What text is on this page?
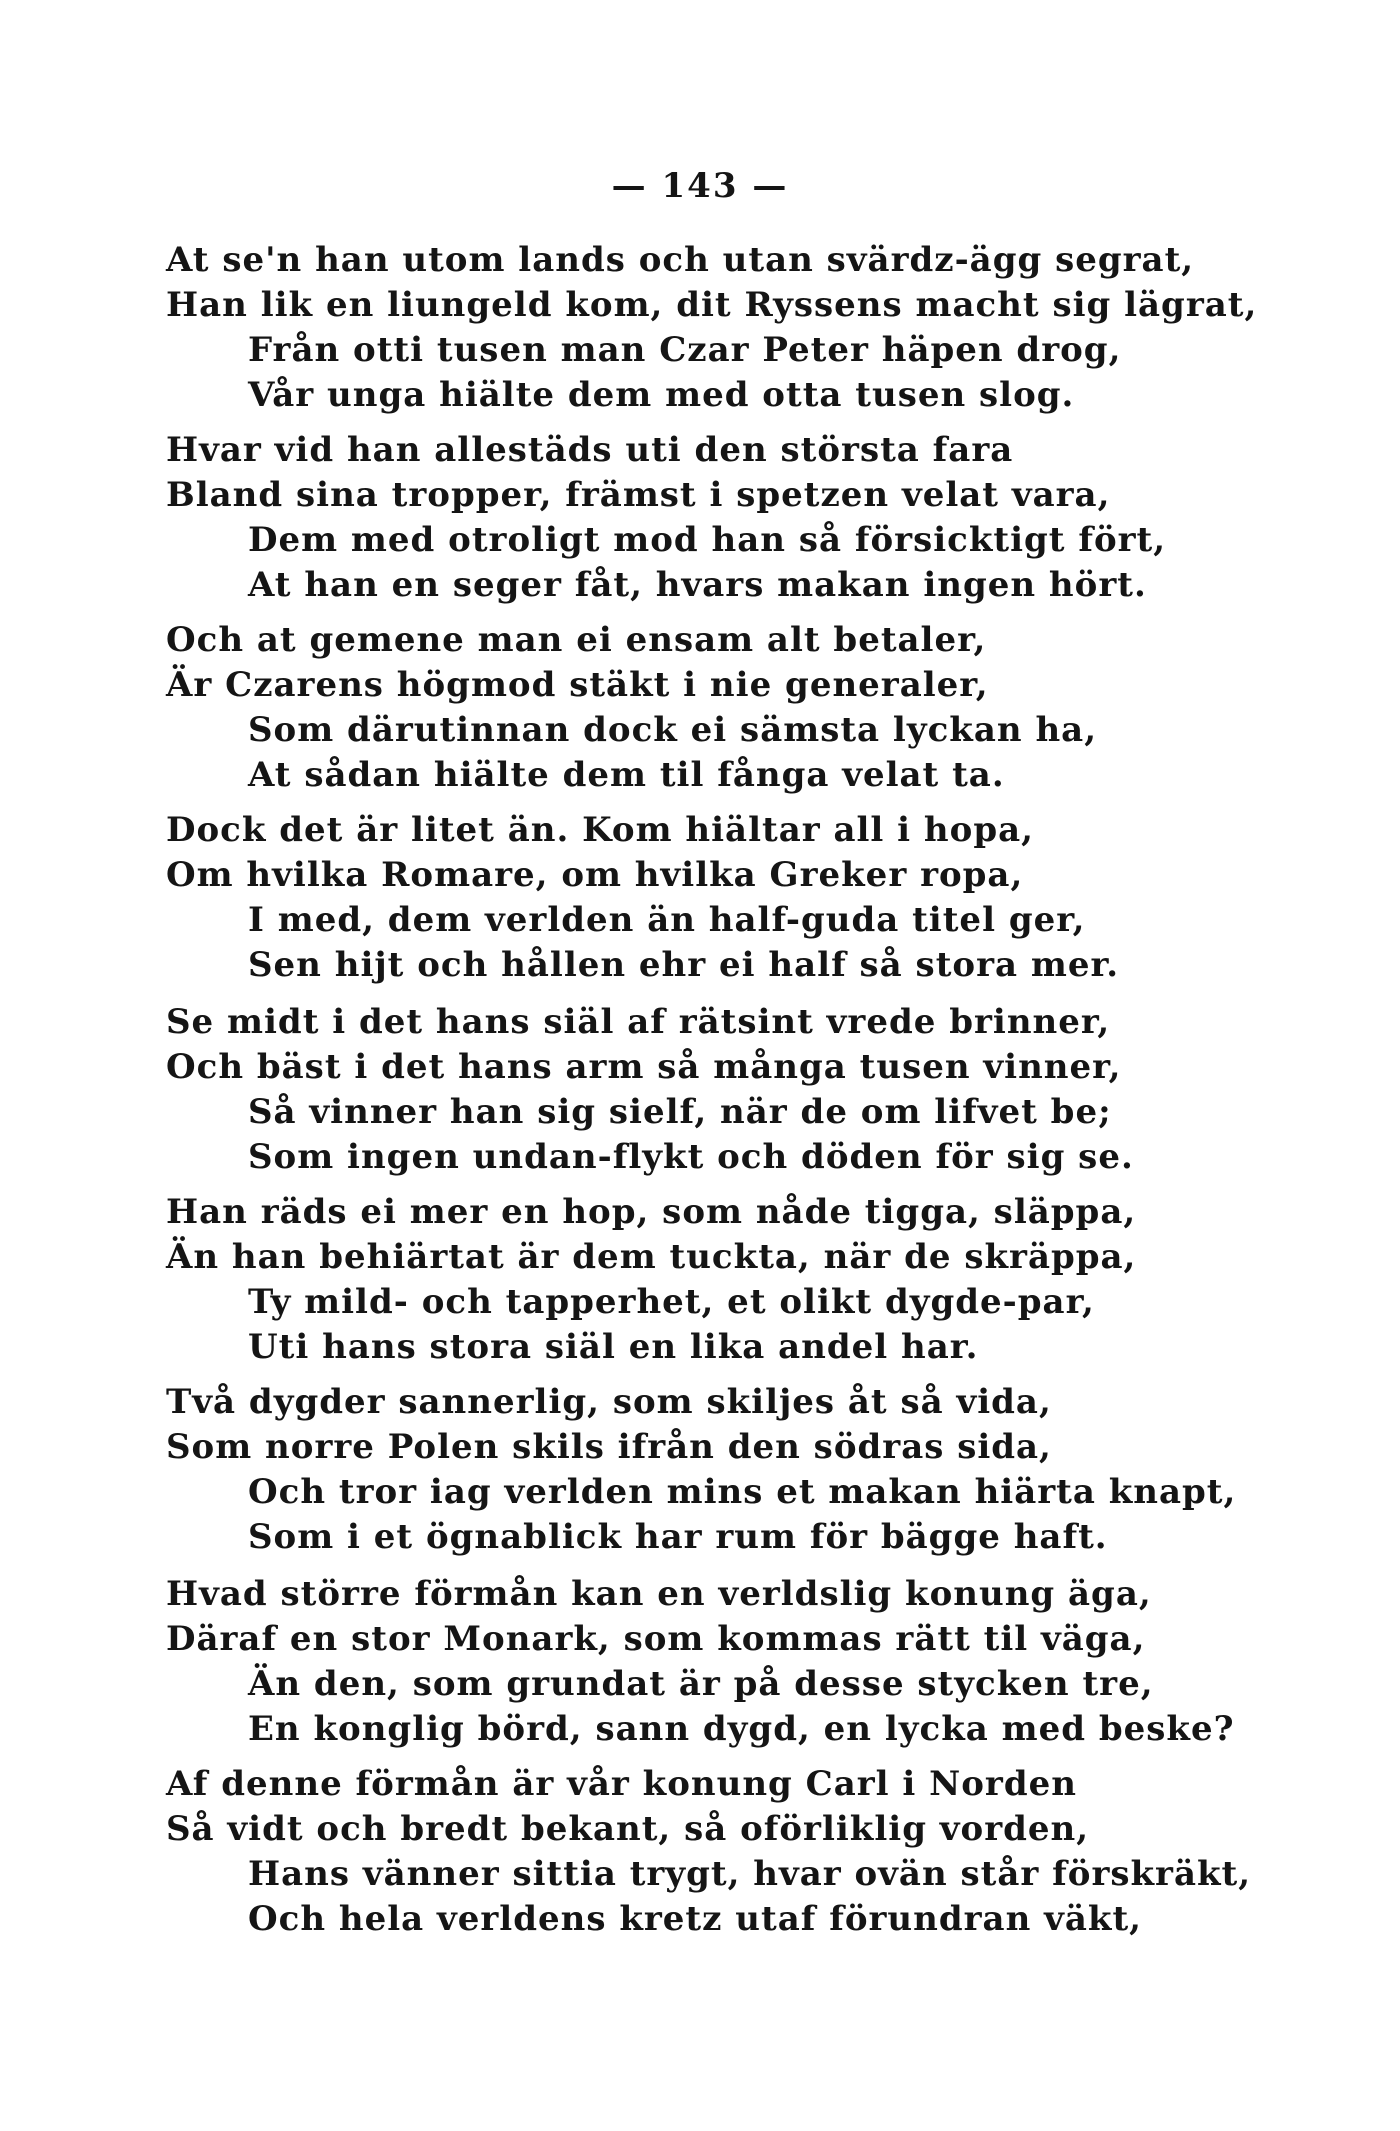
— 143 —
At se'n han utom lands och utan svärdz-ägg segrat,
Han lik en liungeld kom, dit Ryssens macht sig lägrat,
Från otti tusen man Czar Peter häpen drog,
Vår unga hiälte dem med otta tusen slog.
Hvar vid han allestäds uti den största fara
Bland sina tropper, främst i spetzen velat vara,
Dem med otroligt mod han så försicktigt fört,
At han en seger fåt, hvars makan ingen hört.
Och at gemene man ei ensam alt betaler,
Är Czarens högmod stäkt i nie generaler,
Som därutinnan dock ei sämsta lyckan ha,
At sådan hiälte dem til fånga velat ta.
Dock det är litet än. Kom hiältar all i hopa,
Om hvilka Romare, om hvilka Greker ropa,
I med, dem verlden än half-guda titel ger,
Sen hijt och hållen ehr ei half så stora mer.
Se midt i det hans siäl af rätsint vrede brinner,
Och bäst i det hans arm så många tusen vinner,
Så vinner han sig sielf, när de om lifvet be;
Som ingen undan-flykt och döden för sig se.
Han räds ei mer en hop, som nåde tigga, släppa,
Än han behiärtat är dem tuckta, när de skräppa,
Ty mild- och tapperhet, et olikt dygde-par,
Uti hans stora siäl en lika andel har.
Två dygder sannerlig, som skiljes åt så vida,
Som norre Polen skils ifrån den södras sida,
Och tror iag verlden mins et makan hiärta knapt,
Som i et ögnablick har rum för bägge haft.
Hvad större förmån kan en verldslig konung äga,
Däraf en stor Monark, som kommas rätt til väga,
Än den, som grundat är på desse stycken tre,
En konglig börd, sann dygd, en lycka med beske?
Af denne förmån är vår konung Carl i Norden
Så vidt och bredt bekant, så oförliklig vorden,
Hans vänner sittia trygt, hvar ovän står förskräkt,
Och hela verldens kretz utaf förundran väkt,
